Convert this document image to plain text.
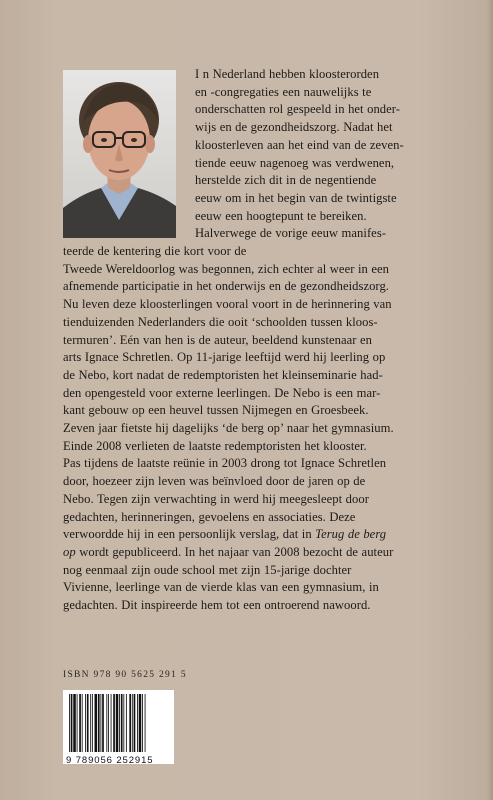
I n Nederland hebben kloosterorden
en -congregaties een nauwelijks te
onderschatten rol gespeeld in het onder-
wijs en de gezondheidszorg. Nadat het
kloosterleven aan het eind van de zeven-
tiende eeuw nagenoeg was verdwenen,
herstelde zich dit in de negentiende
eeuw om in het begin van de twintigste
eeuw een hoogtepunt te bereiken.
Halverwege de vorige eeuw manifes-
teerde de kentering die kort voor de
Tweede Wereldoorlog was begonnen, zich echter al weer in een
afnemende participatie in het onderwijs en de gezondheidszorg.
Nu leven deze kloosterlingen vooral voort in de herinnering van
tienduizenden Nederlanders die ooit ‘schoolden tussen kloos-
termuren’. Eén van hen is de auteur, beeldend kunstenaar en
arts Ignace Schretlen. Op 11-jarige leeftijd werd hij leerling op
de Nebo, kort nadat de redemptoristen het kleinseminarie had-
den opengesteld voor externe leerlingen. De Nebo is een mar-
kant gebouw op een heuvel tussen Nijmegen en Groesbeek.
Zeven jaar fietste hij dagelijks ‘de berg op’ naar het gymnasium.
Einde 2008 verlieten de laatste redemptoristen het klooster.
Pas tijdens de laatste reünie in 2003 drong tot Ignace Schretlen
door, hoezeer zijn leven was beïnvloed door de jaren op de
Nebo. Tegen zijn verwachting in werd hij meegesleept door
gedachten, herinneringen, gevoelens en associaties. Deze
verwoordde hij in een persoonlijk verslag, dat in Terug de berg
op wordt gepubliceerd. In het najaar van 2008 bezocht de auteur
nog eenmaal zijn oude school met zijn 15-jarige dochter
Vivienne, leerlinge van de vierde klas van een gymnasium, in
gedachten. Dit inspireerde hem tot een ontroerend nawoord.
ISBN 978 90 5625 291 5
9 789056 252915
